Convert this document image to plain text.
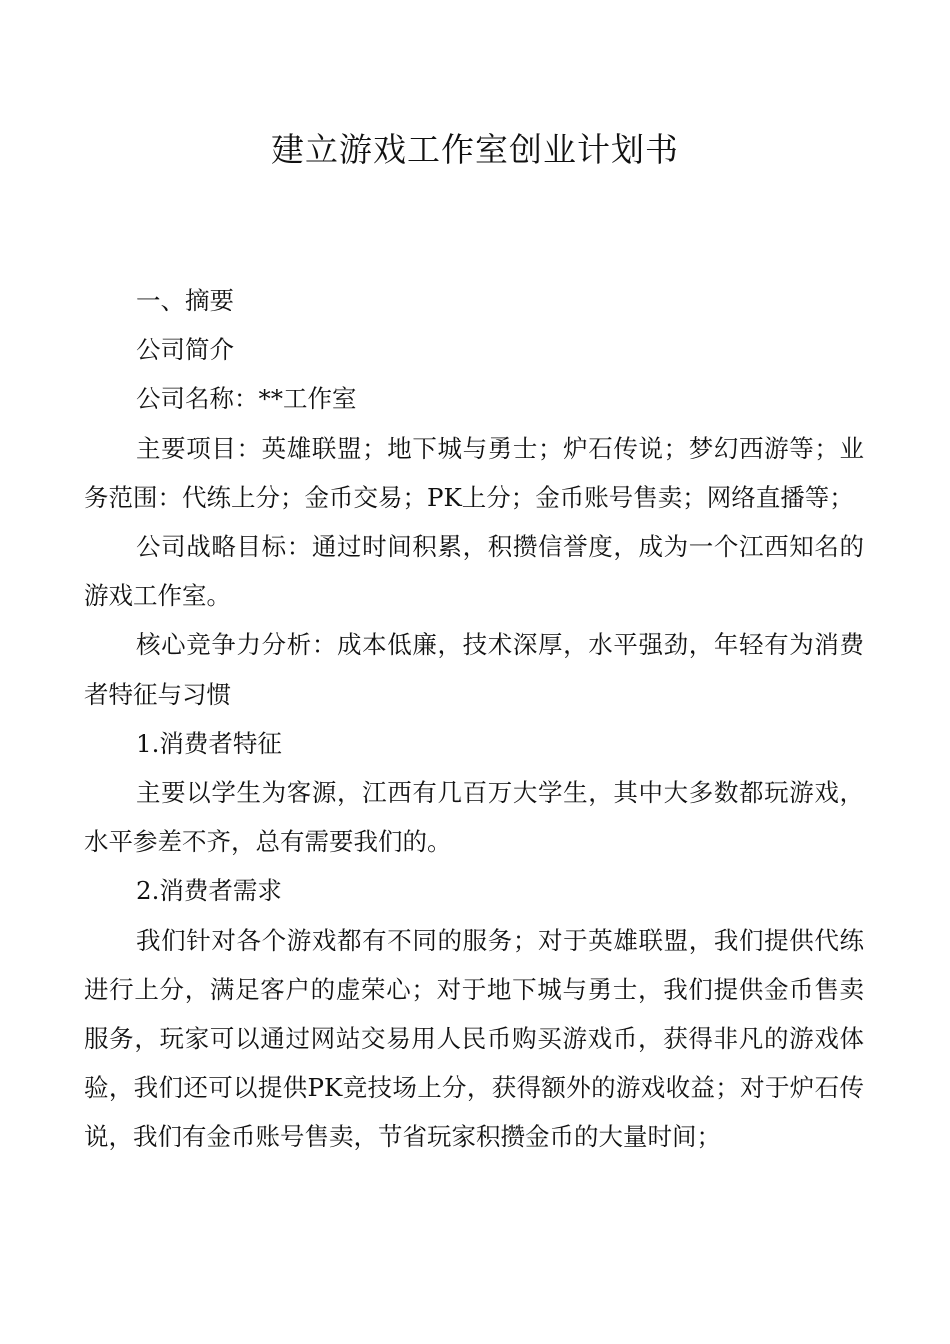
建立游戏工作室创业计划书

一、摘要

公司简介

公司名称：**工作室

主要项目：英雄联盟；地下城与勇士；炉石传说；梦幻西游等；业务范围：代练上分；金币交易；PK上分；金币账号售卖；网络直播等；

公司战略目标：通过时间积累，积攒信誉度，成为一个江西知名的游戏工作室。

核心竞争力分析：成本低廉，技术深厚，水平强劲，年轻有为消费者特征与习惯

1.消费者特征

主要以学生为客源，江西有几百万大学生，其中大多数都玩游戏，水平参差不齐，总有需要我们的。

2.消费者需求

我们针对各个游戏都有不同的服务；对于英雄联盟，我们提供代练进行上分，满足客户的虚荣心；对于地下城与勇士，我们提供金币售卖服务，玩家可以通过网站交易用人民币购买游戏币，获得非凡的游戏体验，我们还可以提供PK竞技场上分，获得额外的游戏收益；对于炉石传说，我们有金币账号售卖，节省玩家积攒金币的大量时间；
